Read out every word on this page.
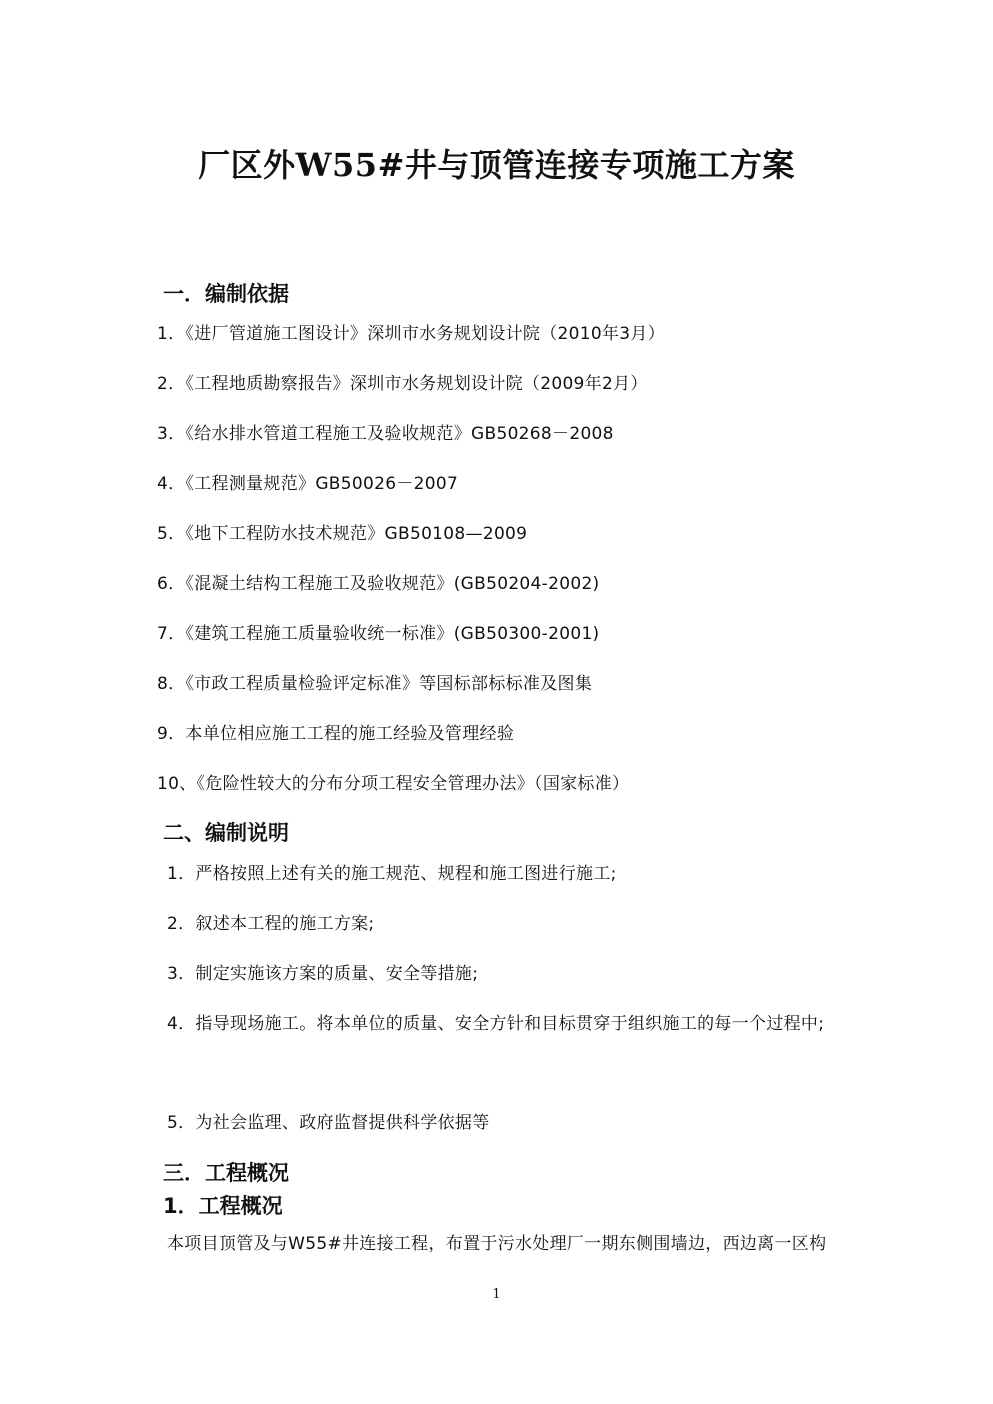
厂区外W55#井与顶管连接专项施工方案
一．编制依据
1．《进厂管道施工图设计》深圳市水务规划设计院（2010年3月）
2．《工程地质勘察报告》深圳市水务规划设计院（2009年2月）
3．《给水排水管道工程施工及验收规范》GB50268－2008
4．《工程测量规范》GB50026－2007
5．《地下工程防水技术规范》GB50108—2009
6．《混凝土结构工程施工及验收规范》(GB50204-2002)
7．《建筑工程施工质量验收统一标准》(GB50300-2001)
8．《市政工程质量检验评定标准》等国标部标标准及图集
9．本单位相应施工工程的施工经验及管理经验
10、《危险性较大的分布分项工程安全管理办法》（国家标准）
二、编制说明
1．严格按照上述有关的施工规范、规程和施工图进行施工;
2．叙述本工程的施工方案;
3．制定实施该方案的质量、安全等措施;
4．指导现场施工。将本单位的质量、安全方针和目标贯穿于组织施工的每一个过程中;
5．为社会监理、政府监督提供科学依据等
三．工程概况
1．工程概况
本项目顶管及与W55#井连接工程，布置于污水处理厂一期东侧围墙边，西边离一区构
1
